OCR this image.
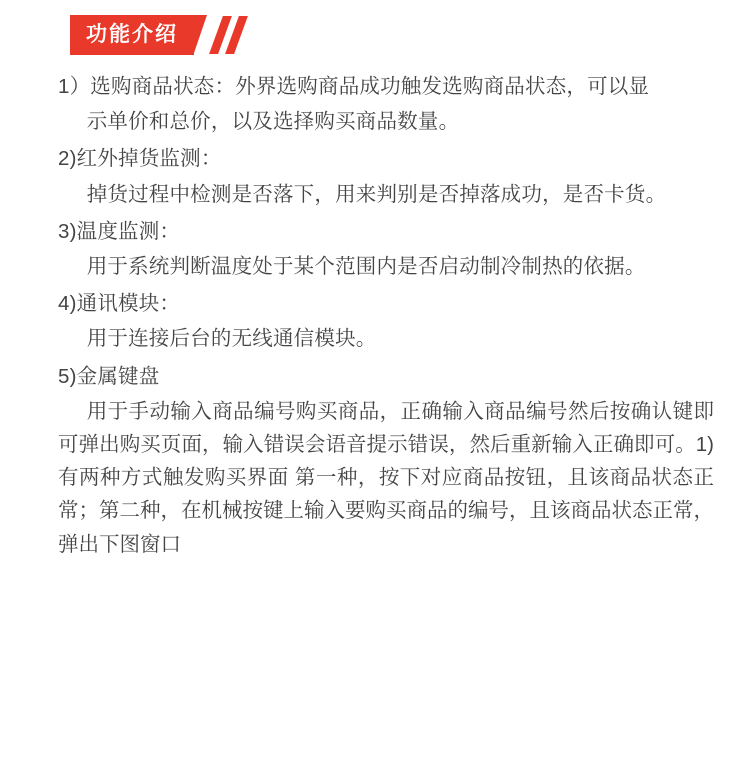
功能介绍

1）选购商品状态：外界选购商品成功触发选购商品状态，可以显

示单价和总价，以及选择购买商品数量。

2)红外掉货监测：

掉货过程中检测是否落下，用来判别是否掉落成功，是否卡货。

3)温度监测：

用于系统判断温度处于某个范围内是否启动制冷制热的依据。

4)通讯模块：

用于连接后台的无线通信模块。

5)金属键盘

用于手动输入商品编号购买商品，正确输入商品编号然后按确认键即可弹出购买页面，输入错误会语音提示错误，然后重新输入正确即可。1) 有两种方式触发购买界面 第一种，按下对应商品按钮，且该商品状态正常；第二种，在机械按键上输入要购买商品的编号，且该商品状态正常，弹出下图窗口
